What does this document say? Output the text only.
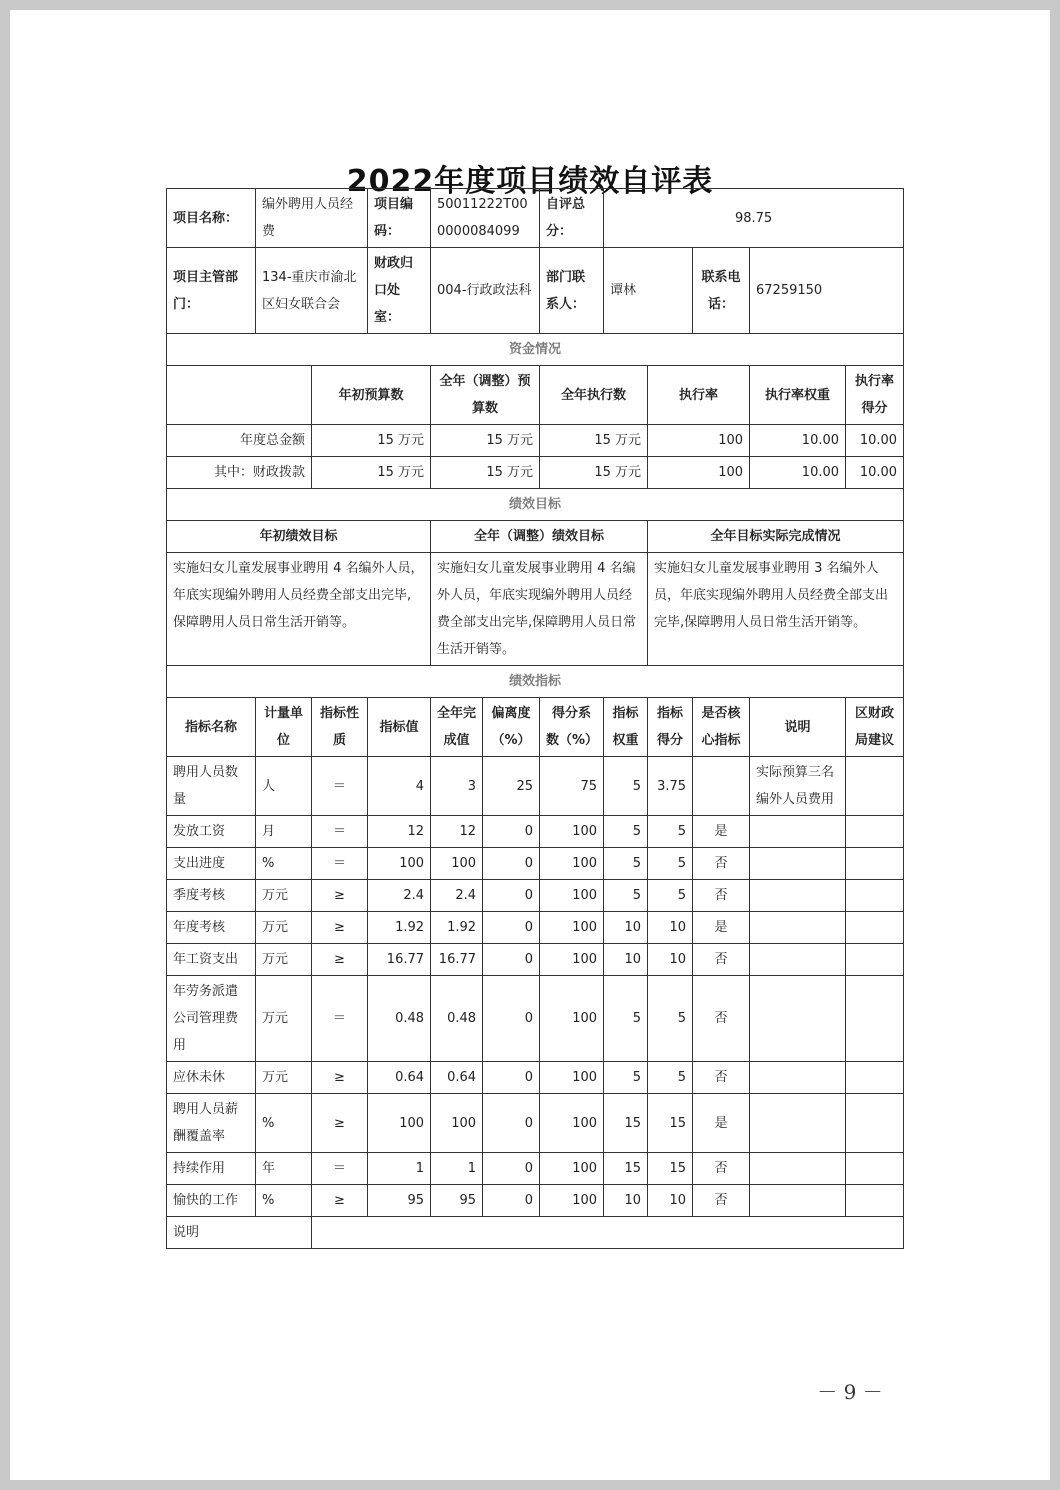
2022年度项目绩效自评表
项目名称：	编外聘用人员经费		项目编码：	50011222T000000084099		自评总分：	98.75				
项目主管部门：	134-重庆市渝北区妇女联合会		财政归口处室：	004-行政政法科		部门联系人：	谭林		联系电话：	67259150	
资金情况											
		年初预算数		全年（调整）预算数		全年执行数		执行率		执行率权重	执行率得分
年度总金额		15 万元		15 万元		15 万元		100		10.00	10.00
其中：财政拨款		15 万元		15 万元		15 万元		100		10.00	10.00
绩效目标											
年初绩效目标				全年（调整）绩效目标				全年目标实际完成情况			
实施妇女儿童发展事业聘用 4 名编外人员，年底实现编外聘用人员经费全部支出完毕,保障聘用人员日常生活开销等。				实施妇女儿童发展事业聘用 4 名编外人员，年底实现编外聘用人员经费全部支出完毕,保障聘用人员日常生活开销等。				实施妇女儿童发展事业聘用 3 名编外人员，年底实现编外聘用人员经费全部支出完毕,保障聘用人员日常生活开销等。			
绩效指标											
指标名称	计量单位	指标性质	指标值	全年完成值	偏离度（%）	得分系数（%）	指标权重	指标得分	是否核心指标	说明	区财政局建议
聘用人员数量	人	＝	4	3	25	75	5	3.75		实际预算三名编外人员费用	
发放工资	月	＝	12	12	0	100	5	5	是		
支出进度	%	＝	100	100	0	100	5	5	否		
季度考核	万元	≥	2.4	2.4	0	100	5	5	否		
年度考核	万元	≥	1.92	1.92	0	100	10	10	是		
年工资支出	万元	≥	16.77	16.77	0	100	10	10	否		
年劳务派遣公司管理费用	万元	＝	0.48	0.48	0	100	5	5	否		
应休未休	万元	≥	0.64	0.64	0	100	5	5	否		
聘用人员薪酬覆盖率	%	≥	100	100	0	100	15	15	是		
持续作用	年	＝	1	1	0	100	15	15	否		
愉快的工作	%	≥	95	95	0	100	10	10	否		
说明											
－ 9 －
